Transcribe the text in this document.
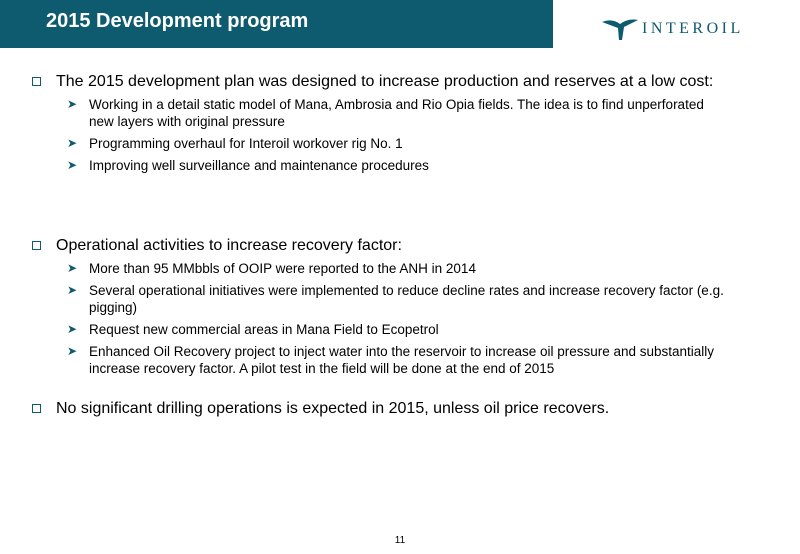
2015 Development program	INTEROIL
The 2015 development plan was designed to increase production and reserves at a low cost:
➤ Working in a detail static model of Mana, Ambrosia and Rio Opia fields. The idea is to find unperforated new layers with original pressure
➤ Programming overhaul for Interoil workover rig No. 1
➤ Improving well surveillance and maintenance procedures
Operational activities to increase recovery factor:
➤ More than 95 MMbbls of OOIP were reported to the ANH in 2014
➤ Several operational initiatives were implemented to reduce decline rates and increase recovery factor (e.g. pigging)
➤ Request new commercial areas in Mana Field to Ecopetrol
➤ Enhanced Oil Recovery project to inject water into the reservoir to increase oil pressure and substantially increase recovery factor. A pilot test in the field will be done at the end of 2015
No significant drilling operations is expected in 2015, unless oil price recovers.
11
